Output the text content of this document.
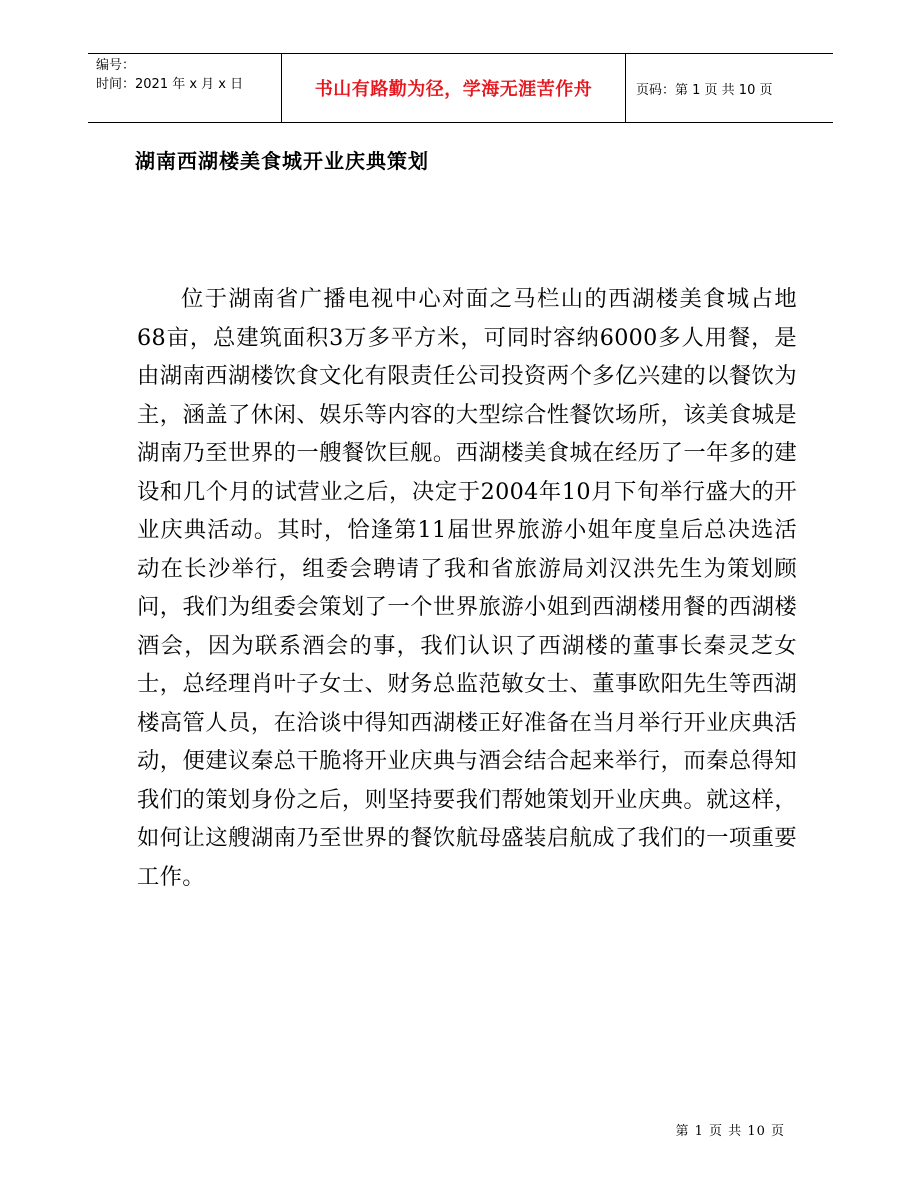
编号：
时间：2021 年 x 月 x 日	书山有路勤为径，学海无涯苦作舟	页码：第 1 页 共 10 页
湖南西湖楼美食城开业庆典策划

位于湖南省广播电视中心对面之马栏山的西湖楼美食城占地68亩，总建筑面积3万多平方米，可同时容纳6000多人用餐，是由湖南西湖楼饮食文化有限责任公司投资两个多亿兴建的以餐饮为主，涵盖了休闲、娱乐等内容的大型综合性餐饮场所，该美食城是湖南乃至世界的一艘餐饮巨舰。西湖楼美食城在经历了一年多的建设和几个月的试营业之后，决定于2004年10月下旬举行盛大的开业庆典活动。其时，恰逢第11届世界旅游小姐年度皇后总决选活动在长沙举行，组委会聘请了我和省旅游局刘汉洪先生为策划顾问，我们为组委会策划了一个世界旅游小姐到西湖楼用餐的西湖楼酒会，因为联系酒会的事，我们认识了西湖楼的董事长秦灵芝女士，总经理肖叶子女士、财务总监范敏女士、董事欧阳先生等西湖楼高管人员，在洽谈中得知西湖楼正好准备在当月举行开业庆典活动，便建议秦总干脆将开业庆典与酒会结合起来举行，而秦总得知我们的策划身份之后，则坚持要我们帮她策划开业庆典。就这样，如何让这艘湖南乃至世界的餐饮航母盛装启航成了我们的一项重要工作。

第 1 页 共 10 页
